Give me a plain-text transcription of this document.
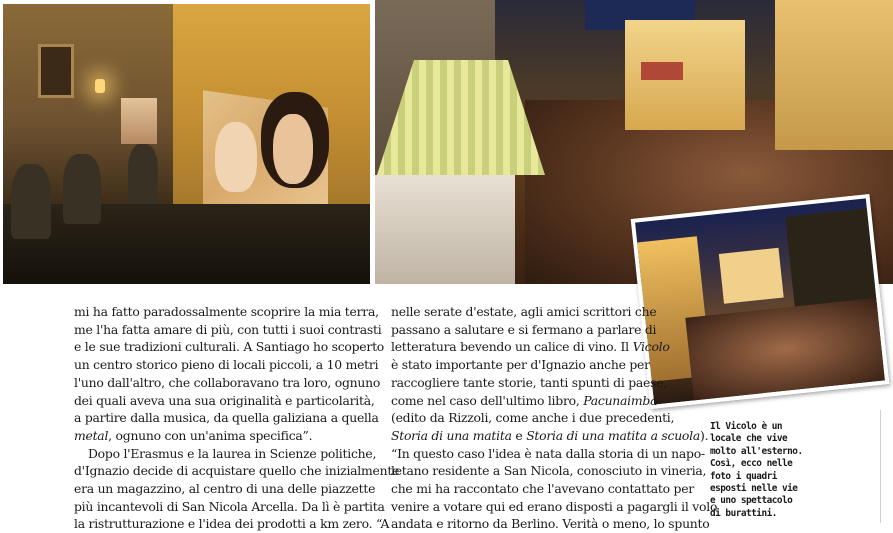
mi ha fatto paradossalmente scoprire la mia terra,
me l'ha fatta amare di più, con tutti i suoi contrasti
e le sue tradizioni culturali. A Santiago ho scoperto
un centro storico pieno di locali piccoli, a 10 metri
l'uno dall'altro, che collaboravano tra loro, ognuno
dei quali aveva una sua originalità e particolarità,
a partire dalla musica, da quella galiziana a quella
metal, ognuno con un'anima specifica”.
Dopo l'Erasmus e la laurea in Scienze politiche,
d'Ignazio decide di acquistare quello che inizialmente
era un magazzino, al centro di una delle piazzette
più incantevoli di San Nicola Arcella. Da lì è partita
la ristrutturazione e l'idea dei prodotti a km zero. “A
nelle serate d'estate, agli amici scrittori che
passano a salutare e si fermano a parlare di
letteratura bevendo un calice di vino. Il Vicolo
è stato importante per d'Ignazio anche per
raccogliere tante storie, tanti spunti di paese,
come nel caso dell'ultimo libro, Pacunaimba
(edito da Rizzoli, come anche i due precedenti,
Storia di una matita e Storia di una matita a scuola).
“In questo caso l'idea è nata dalla storia di un napo-
letano residente a San Nicola, conosciuto in vineria,
che mi ha raccontato che l'avevano contattato per
venire a votare qui ed erano disposti a pagargli il volo
andata e ritorno da Berlino. Verità o meno, lo spunto
Il Vicolo è un
locale che vive
molto all'esterno.
Così, ecco nelle
foto i quadri
esposti nelle vie
e uno spettacolo
di burattini.
